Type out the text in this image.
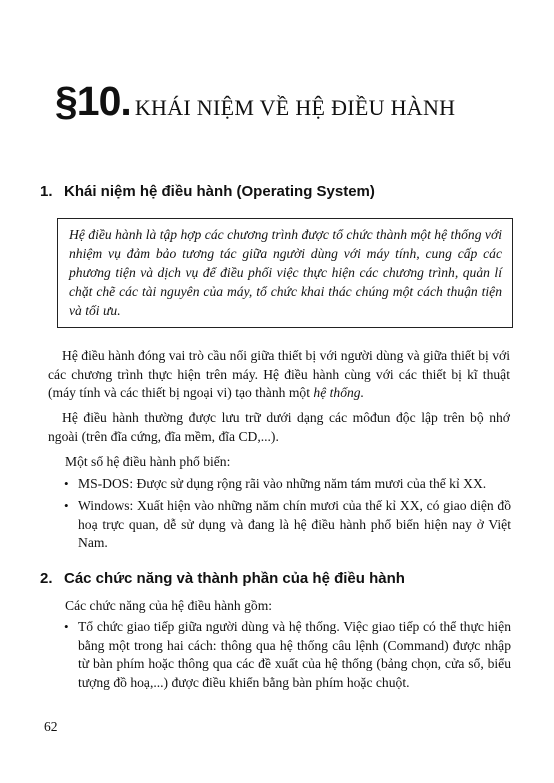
§10. KHÁI NIỆM VỀ HỆ ĐIỀU HÀNH
1. Khái niệm hệ điều hành (Operating System)
Hệ điều hành là tập hợp các chương trình được tổ chức thành một hệ thống với nhiệm vụ đảm bảo tương tác giữa người dùng với máy tính, cung cấp các phương tiện và dịch vụ để điều phối việc thực hiện các chương trình, quản lí chặt chẽ các tài nguyên của máy, tổ chức khai thác chúng một cách thuận tiện và tối ưu.
Hệ điều hành đóng vai trò cầu nối giữa thiết bị với người dùng và giữa thiết bị với các chương trình thực hiện trên máy. Hệ điều hành cùng với các thiết bị kĩ thuật (máy tính và các thiết bị ngoại vi) tạo thành một hệ thống.
Hệ điều hành thường được lưu trữ dưới dạng các môđun độc lập trên bộ nhớ ngoài (trên đĩa cứng, đĩa mềm, đĩa CD,...).
Một số hệ điều hành phổ biến:
• MS-DOS: Được sử dụng rộng rãi vào những năm tám mươi của thế kỉ XX.
• Windows: Xuất hiện vào những năm chín mươi của thế kỉ XX, có giao diện đồ hoạ trực quan, dễ sử dụng và đang là hệ điều hành phổ biến hiện nay ở Việt Nam.
2. Các chức năng và thành phần của hệ điều hành
Các chức năng của hệ điều hành gồm:
• Tổ chức giao tiếp giữa người dùng và hệ thống. Việc giao tiếp có thể thực hiện bằng một trong hai cách: thông qua hệ thống câu lệnh (Command) được nhập từ bàn phím hoặc thông qua các đề xuất của hệ thống (bảng chọn, cửa sổ, biểu tượng đồ hoạ,...) được điều khiển bằng bàn phím hoặc chuột.
62
